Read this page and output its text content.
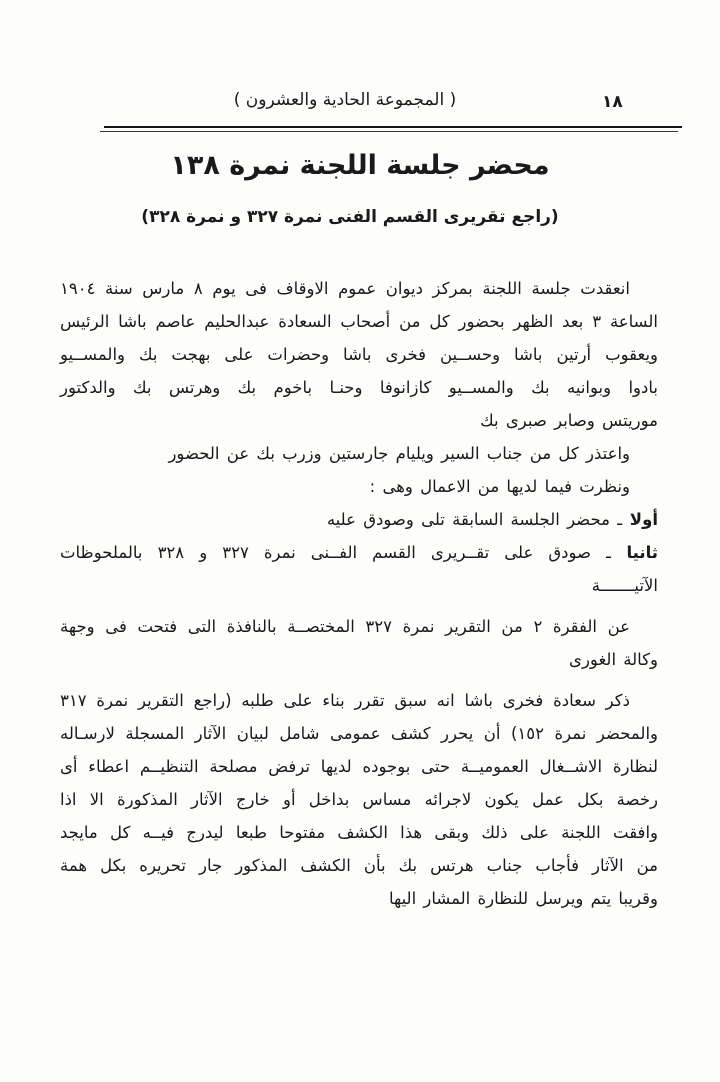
( المجموعة الحادية والعشرون )	١٨
محضر جلسة اللجنة نمرة ١٣٨
(راجع تقريرى القسم الفنى نمرة ٣٢٧ و نمرة ٣٢٨)
انعقدت جلسة اللجنة بمركز ديوان عموم الاوقاف فى يوم ٨ مارس سنة ١٩٠٤
الساعة ٣ بعد الظهر بحضور كل من أصحاب السعادة عبدالحليم عاصم باشا الرئيس
ويعقوب أرتين باشا وحســين فخرى باشا وحضرات على بهجت بك والمســيو
بادوا وبوانيه بك والمســيو كازانوفا وحنـا باخوم بك وهرتس بك والدكتور
موريتس وصابر صبرى بك
واعتذر كل من جناب السير ويليام جارستين وزرب بك عن الحضور
ونظرت فيما لديها من الاعمال وهى :
أولا ـ محضر الجلسة السابقة تلى وصودق عليه
ثانيا ـ صودق على تقــريرى القسم الفــنى نمرة ٣٢٧ و ٣٢٨ بالملحوظات
الآتيـــــــة
عن الفقرة ٢ من التقرير نمرة ٣٢٧ المختصــة بالنافذة التى فتحت فى وجهة
وكالة الغورى
ذكر سعادة فخرى باشا انه سبق تقرر بناء على طلبه (راجع التقرير نمرة ٣١٧
والمحضر نمرة ١٥٢) أن يحرر كشف عمومى شامل لبيان الآثار المسجلة لارسـاله
لنظارة الاشــغال العموميــة حتى بوجوده لديها ترفض مصلحة التنظيــم اعطاء أى
رخصة بكل عمل يكون لاجرائه مساس بداخل أو خارج الآثار المذكورة الا اذا
وافقت اللجنة على ذلك وبقى هذا الكشف مفتوحا طبعا ليدرج فيــه كل مايجد
من الآثار فأجاب جناب هرتس بك بأن الكشف المذكور جار تحريره بكل همة
وقريبا يتم ويرسل للنظارة المشار اليها
